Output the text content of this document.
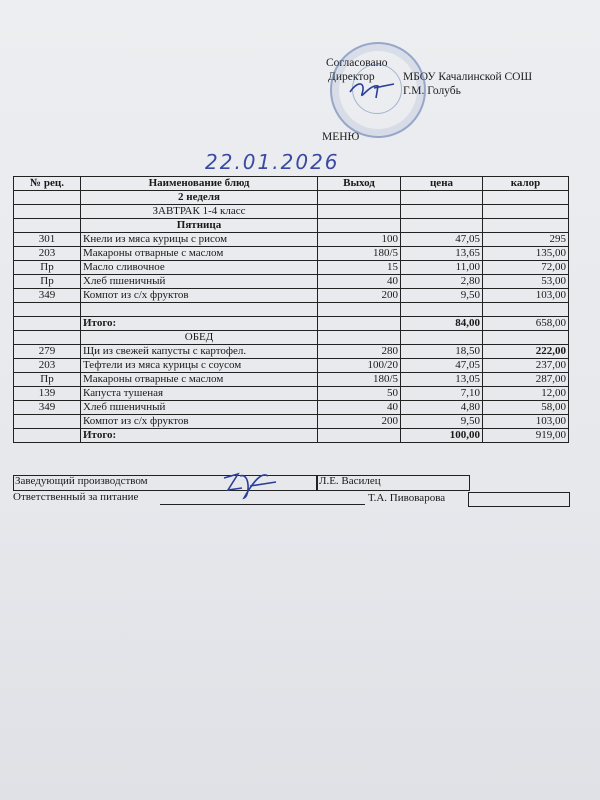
Согласовано
Директор МБОУ Качалинской СОШ
Г.М. Голубь
МЕНЮ
22.01.2026
№ рец.	Наименование блюд	Выход	цена	калор
	2 неделя			
	ЗАВТРАК 1-4 класс			
	Пятница			
301	Кнели из мяса курицы с рисом	100	47,05	295
203	Макароны отварные с маслом	180/5	13,65	135,00
Пр	Масло сливочное	15	11,00	72,00
Пр	Хлеб пшеничный	40	2,80	53,00
349	Компот из с/х фруктов	200	9,50	103,00

	Итого:		84,00	658,00
	ОБЕД			
279	Щи из свежей капусты с картофел.	280	18,50	222,00
203	Тефтели из мяса курицы с соусом	100/20	47,05	237,00
Пр	Макароны отварные с маслом	180/5	13,05	287,00
139	Капуста тушеная	50	7,10	12,00
349	Хлеб пшеничный	40	4,80	58,00
	Компот из с/х фруктов	200	9,50	103,00
	Итого:		100,00	919,00
Заведующий производством	Л.Е. Василец
Ответственный за питание	Т.А. Пивоварова
